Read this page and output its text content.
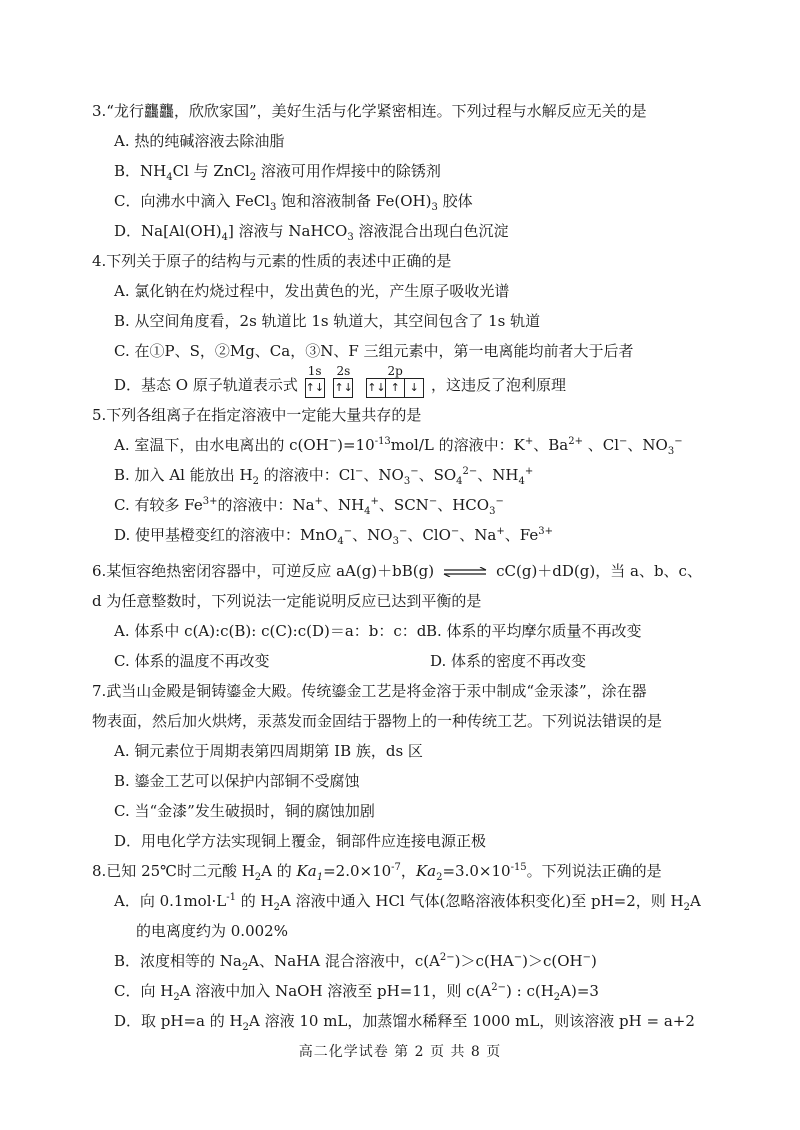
3.“龙行龘龘，欣欣家国”，美好生活与化学紧密相连。下列过程与水解反应无关的是
A. 热的纯碱溶液去除油脂
B．$NH_4Cl$ 与 ZnCl$_2$ 溶液可用作焊接中的除锈剂
C．向沸水中滴入 FeCl$_3$ 饱和溶液制备 $Fe(OH)_3$ 胶体
D．$Na[Al(OH)_4]$ 溶液与 NaHCO$_3$ 溶液混合出现白色沉淀
4.下列关于原子的结构与元素的性质的表述中正确的是
A. 氯化钠在灼烧过程中，发出黄色的光，产生原子吸收光谱
B. 从空间角度看，2s 轨道比 1s 轨道大，其空间包含了 1s 轨道
C. 在①P、S，②Mg、Ca，③N、F 三组元素中，第一电离能均前者大于后者
D．基态 O 原子轨道表示式
1s
↑↓

2s
↑↓

2p
↑↓ ↑ ↓ ，这违反了泡利原理
5.下列各组离子在指定溶液中一定能大量共存的是
A. 室温下，由水电离出的 $c(OH^-)=10^{-13}mol/L$ 的溶液中：K+、$Ba^{2+}$ 、Cl−、$NO_3^-$
B. 加入 Al 能放出 $H_2$ 的溶液中：Cl−、$NO_3^-$、$SO_4^{2-}$、$NH_4^+$
C. 有较多 $Fe^{3+}$的溶液中：Na+、$NH_4^+$、SCN−、$HCO_3^-$
D. 使甲基橙变红的溶液中：MnO$_4$−、$NO_3^-$、ClO−、Na+、$Fe^{3+}$
6.某恒容绝热密闭容器中，可逆反应 aA(g)＋bB(g) ⇌ cC(g)＋dD(g)，当 a、b、c、
d 为任意整数时，下列说法一定能说明反应已达到平衡的是
A. 体系中 c(A):c(B): c(C):c(D)＝a：b：c：d B. 体系的平均摩尔质量不再改变
C. 体系的温度不再改变	D. 体系的密度不再改变
7.武当山金殿是铜铸鎏金大殿。传统鎏金工艺是将金溶于汞中制成“金汞漆”，涂在器
物表面，然后加火烘烤，汞蒸发而金固结于器物上的一种传统工艺。下列说法错误的是
A. 铜元素位于周期表第四周期第 IB 族，ds 区
B. 鎏金工艺可以保护内部铜不受腐蚀
C. 当“金漆”发生破损时，铜的腐蚀加剧
D．用电化学方法实现铜上覆金，铜部件应连接电源正极
8.已知 25℃时二元酸 $H_2A$ 的 $Ka_1=2.0\times 10^{-7}$，$Ka_2=3.0\times 10^{-15}$。下列说法正确的是
A．向 $0.1mol\cdot L^{-1}$ 的 $H_2A$ 溶液中通入 HCl 气体(忽略溶液体积变化)至 pH=2，则 $H_2A$
的电离度约为 0.002%
B．浓度相等的 $Na_2A$、NaHA 混合溶液中，$c(A^{2-})>c(HA^-)>c(OH^-)$
C．向 $H_2A$ 溶液中加入 NaOH 溶液至 pH=11，则 $c(A^{2-})$ : $c(H_2A)=3$
D．取 pH=a 的 $H_2A$ 溶液 10 mL，加蒸馏水稀释至 1000 mL，则该溶液 pH = a+2
高二化学试卷 第 2 页 共 8 页
